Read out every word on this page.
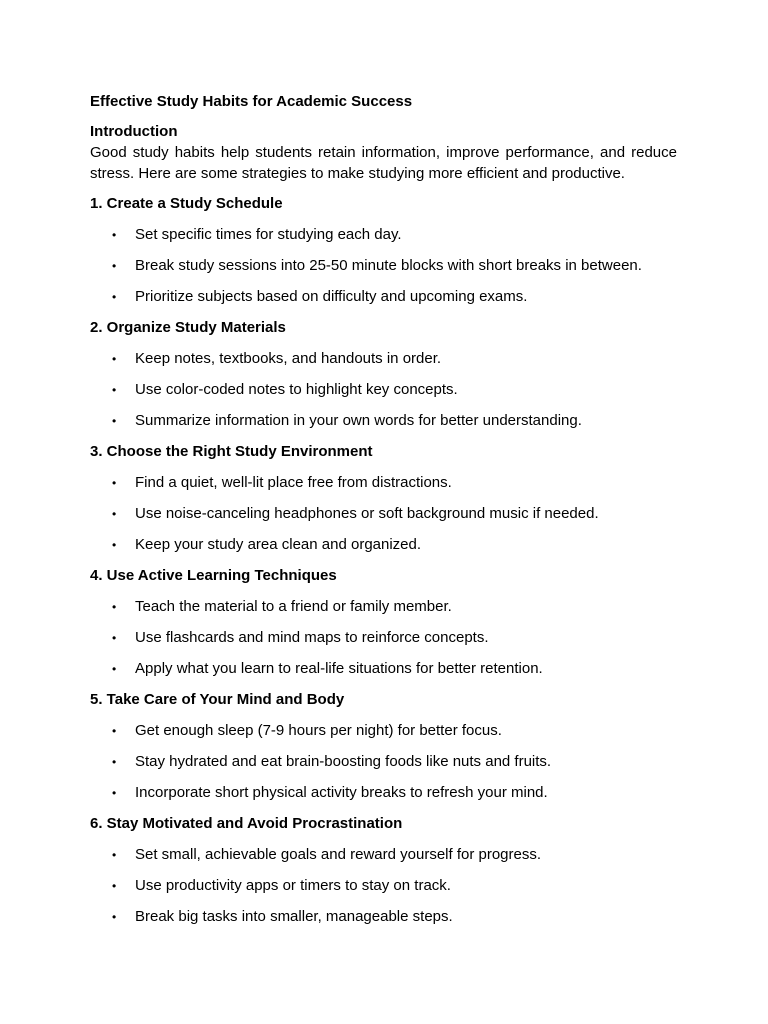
Effective Study Habits for Academic Success
Introduction
Good study habits help students retain information, improve performance, and reduce stress. Here are some strategies to make studying more efficient and productive.
1. Create a Study Schedule
• Set specific times for studying each day.
• Break study sessions into 25-50 minute blocks with short breaks in between.
• Prioritize subjects based on difficulty and upcoming exams.
2. Organize Study Materials
• Keep notes, textbooks, and handouts in order.
• Use color-coded notes to highlight key concepts.
• Summarize information in your own words for better understanding.
3. Choose the Right Study Environment
• Find a quiet, well-lit place free from distractions.
• Use noise-canceling headphones or soft background music if needed.
• Keep your study area clean and organized.
4. Use Active Learning Techniques
• Teach the material to a friend or family member.
• Use flashcards and mind maps to reinforce concepts.
• Apply what you learn to real-life situations for better retention.
5. Take Care of Your Mind and Body
• Get enough sleep (7-9 hours per night) for better focus.
• Stay hydrated and eat brain-boosting foods like nuts and fruits.
• Incorporate short physical activity breaks to refresh your mind.
6. Stay Motivated and Avoid Procrastination
• Set small, achievable goals and reward yourself for progress.
• Use productivity apps or timers to stay on track.
• Break big tasks into smaller, manageable steps.
